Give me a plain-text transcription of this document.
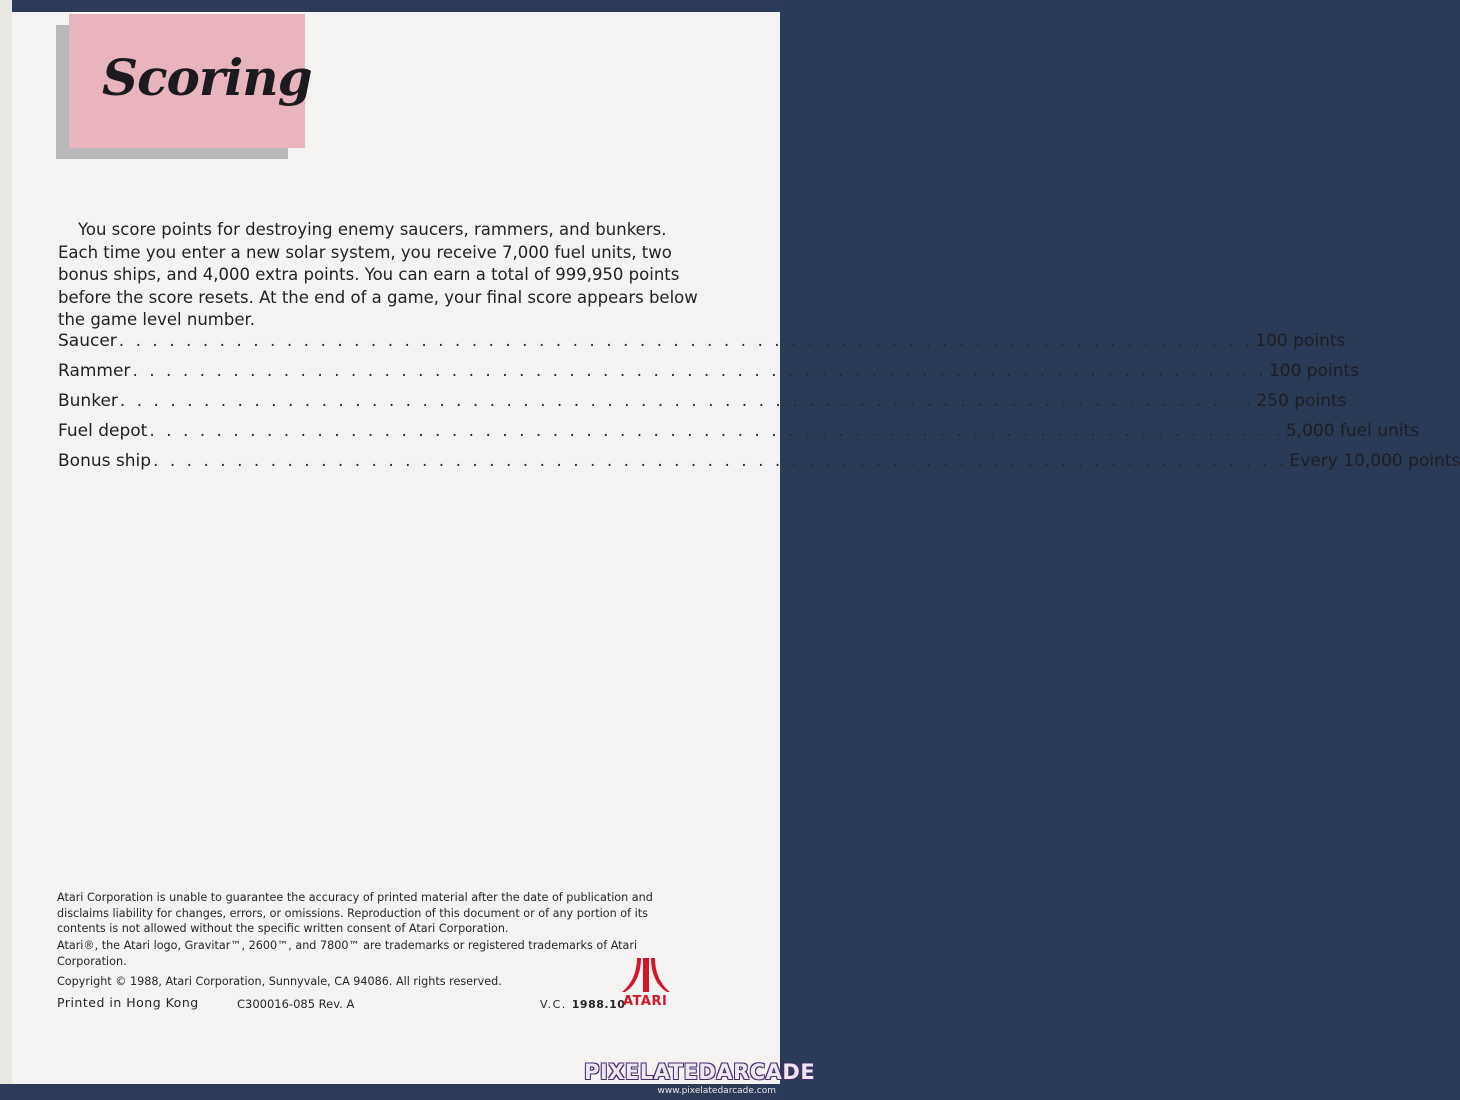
Scoring
You score points for destroying enemy saucers, rammers, and bunkers. Each time you enter a new solar system, you receive 7,000 fuel units, two bonus ships, and 4,000 extra points. You can earn a total of 999,950 points before the score resets. At the end of a game, your final score appears below the game level number.
Saucer . . .	100 points
Rammer . . .	100 points
Bunker . . .	250 points
Fuel depot . . .	5,000 fuel units
Bonus ship . . .	Every 10,000 points
Atari Corporation is unable to guarantee the accuracy of printed material after the date of publication and disclaims liability for changes, errors, or omissions. Reproduction of this document or of any portion of its contents is not allowed without the specific written consent of Atari Corporation.
Atari®, the Atari logo, Gravitar™, 2600™, and 7800™ are trademarks or registered trademarks of Atari Corporation.
Copyright © 1988, Atari Corporation, Sunnyvale, CA 94086. All rights reserved.
Printed in Hong Kong	C300016-085 Rev. A	V.C. 1988.10
ATARI
PIXELATEDARCADE
www.pixelatedarcade.com
